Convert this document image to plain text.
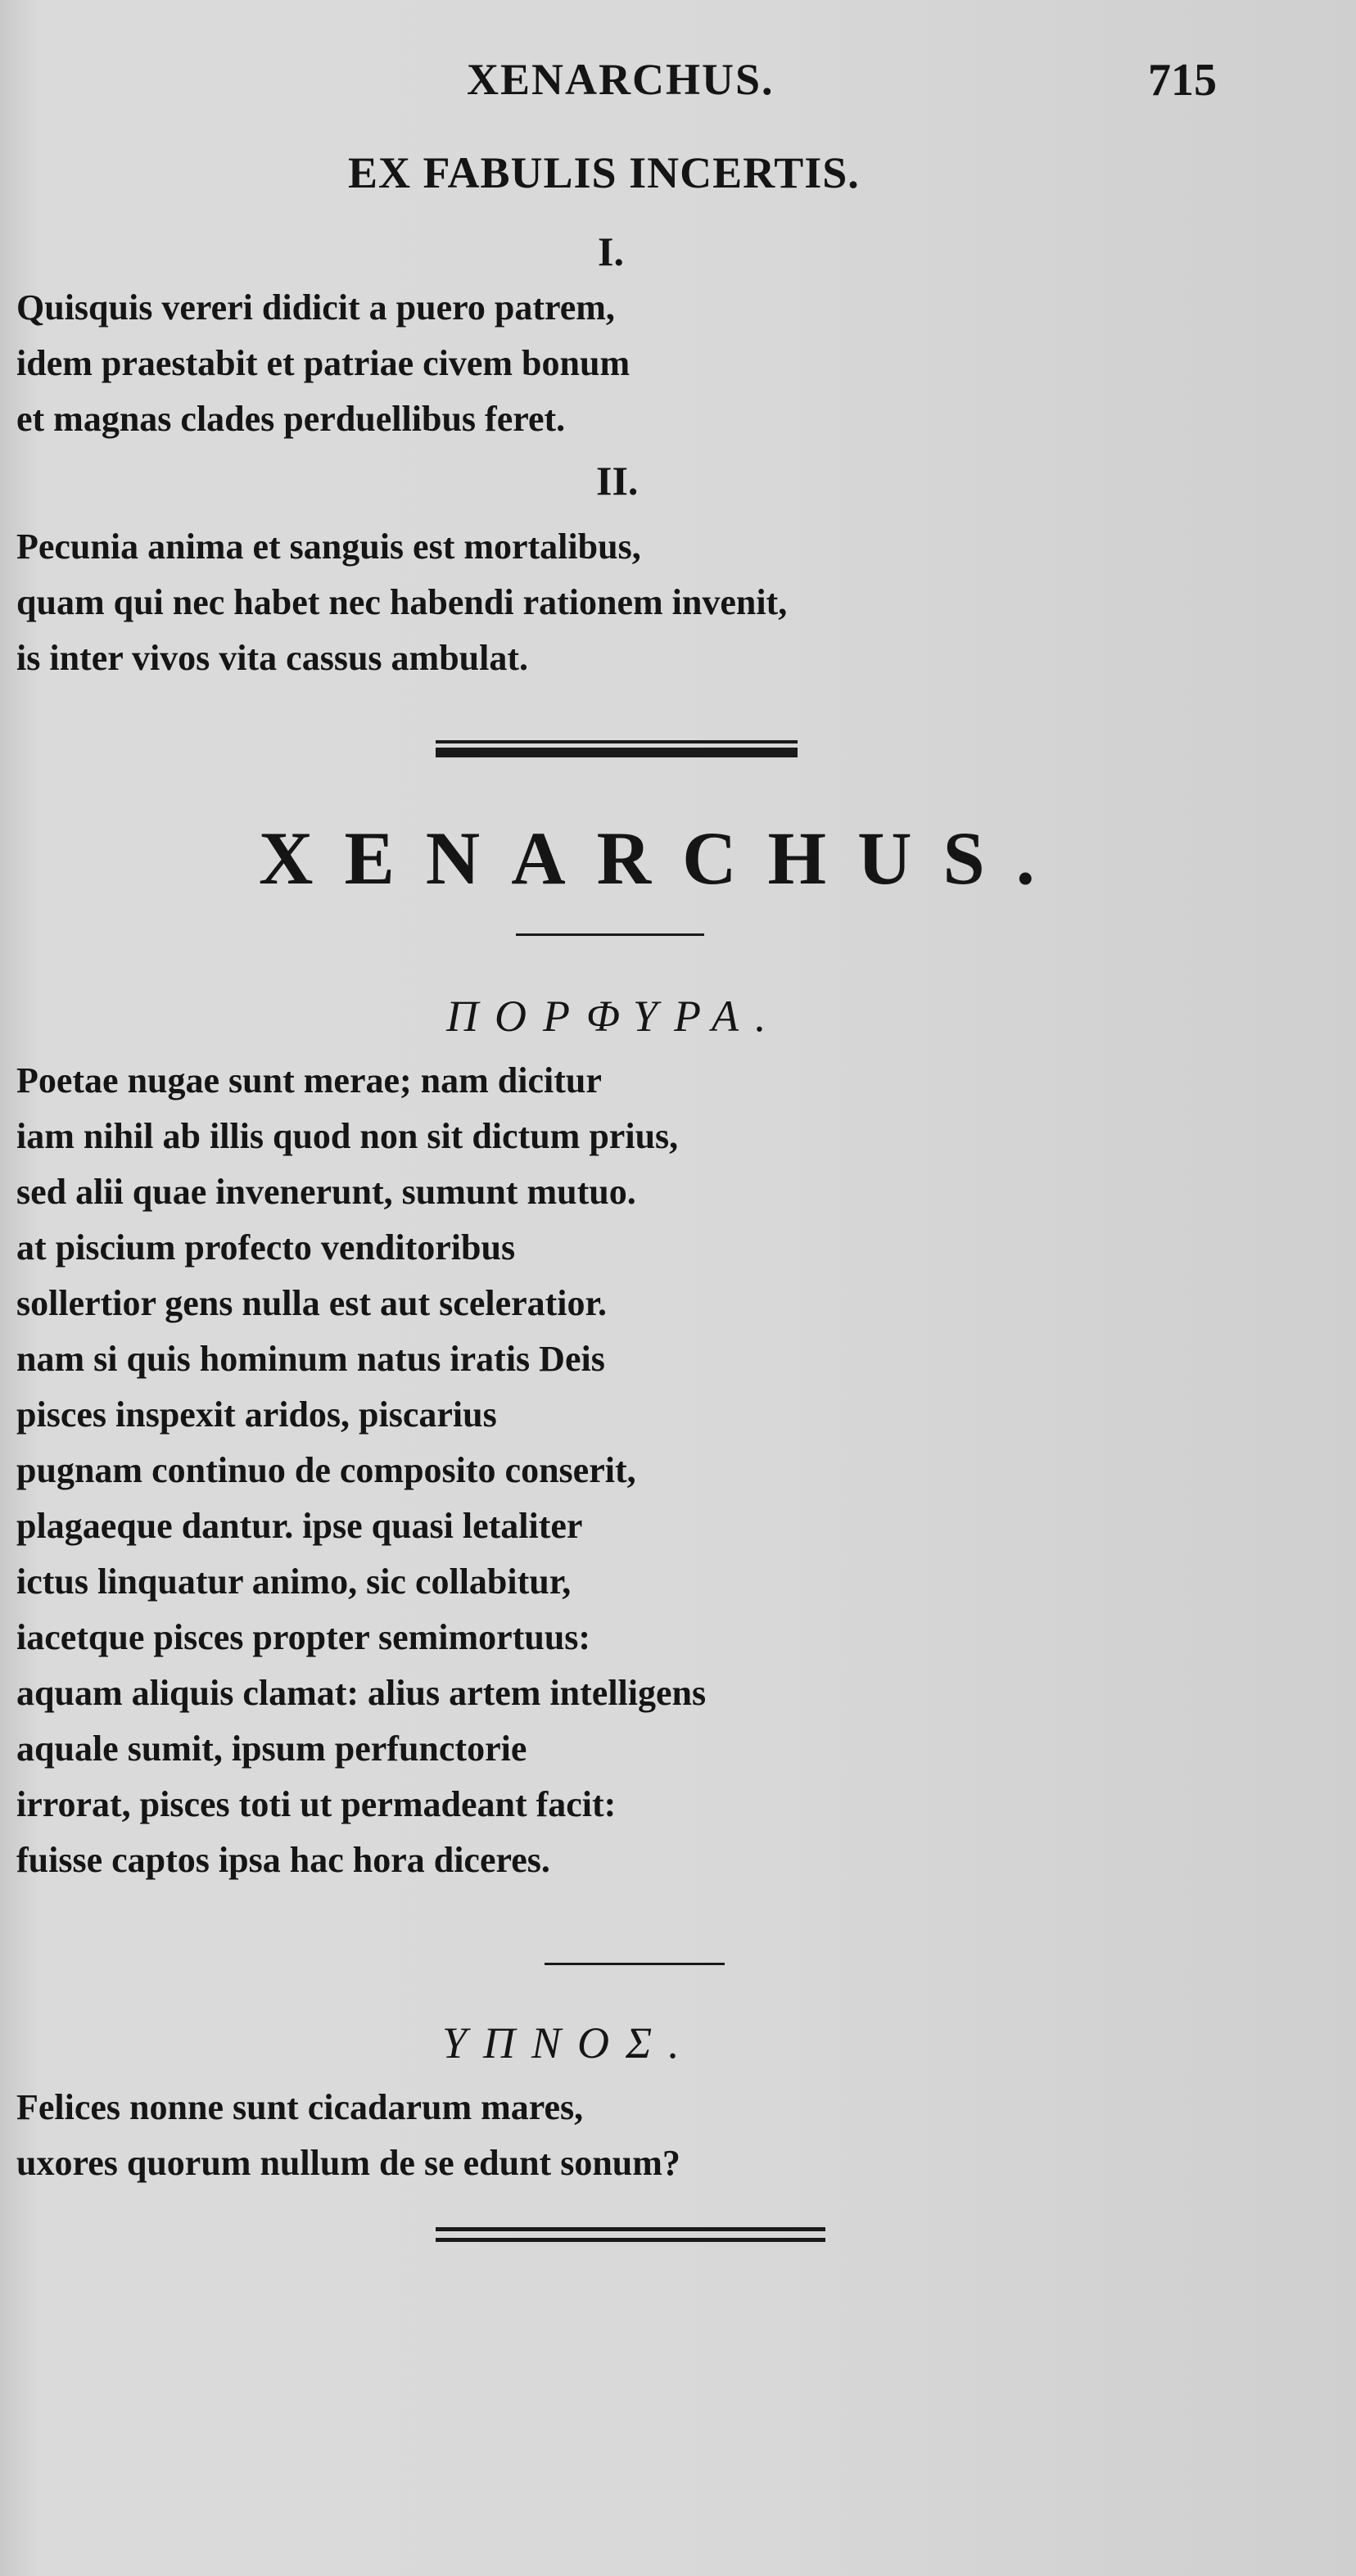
XENARCHUS.	715
EX FABULIS INCERTIS.
I.
Quisquis vereri didicit a puero patrem,
idem praestabit et patriae civem bonum
et magnas clades perduellibus feret.
II.
Pecunia anima et sanguis est mortalibus,
quam qui nec habet nec habendi rationem invenit,
is inter vivos vita cassus ambulat.
XENARCHUS.
ΠΟΡΦΥΡΑ.
Poetae nugae sunt merae; nam dicitur
iam nihil ab illis quod non sit dictum prius,
sed alii quae invenerunt, sumunt mutuo.
at piscium profecto venditoribus
sollertior gens nulla est aut sceleratior.
nam si quis hominum natus iratis Deis
pisces inspexit aridos, piscarius
pugnam continuo de composito conserit,
plagaeque dantur. ipse quasi letaliter
ictus linquatur animo, sic collabitur,
iacetque pisces propter semimortuus:
aquam aliquis clamat: alius artem intelligens
aquale sumit, ipsum perfunctorie
irrorat, pisces toti ut permadeant facit:
fuisse captos ipsa hac hora diceres.
ΥΠΝΟΣ.
Felices nonne sunt cicadarum mares,
uxores quorum nullum de se edunt sonum?
